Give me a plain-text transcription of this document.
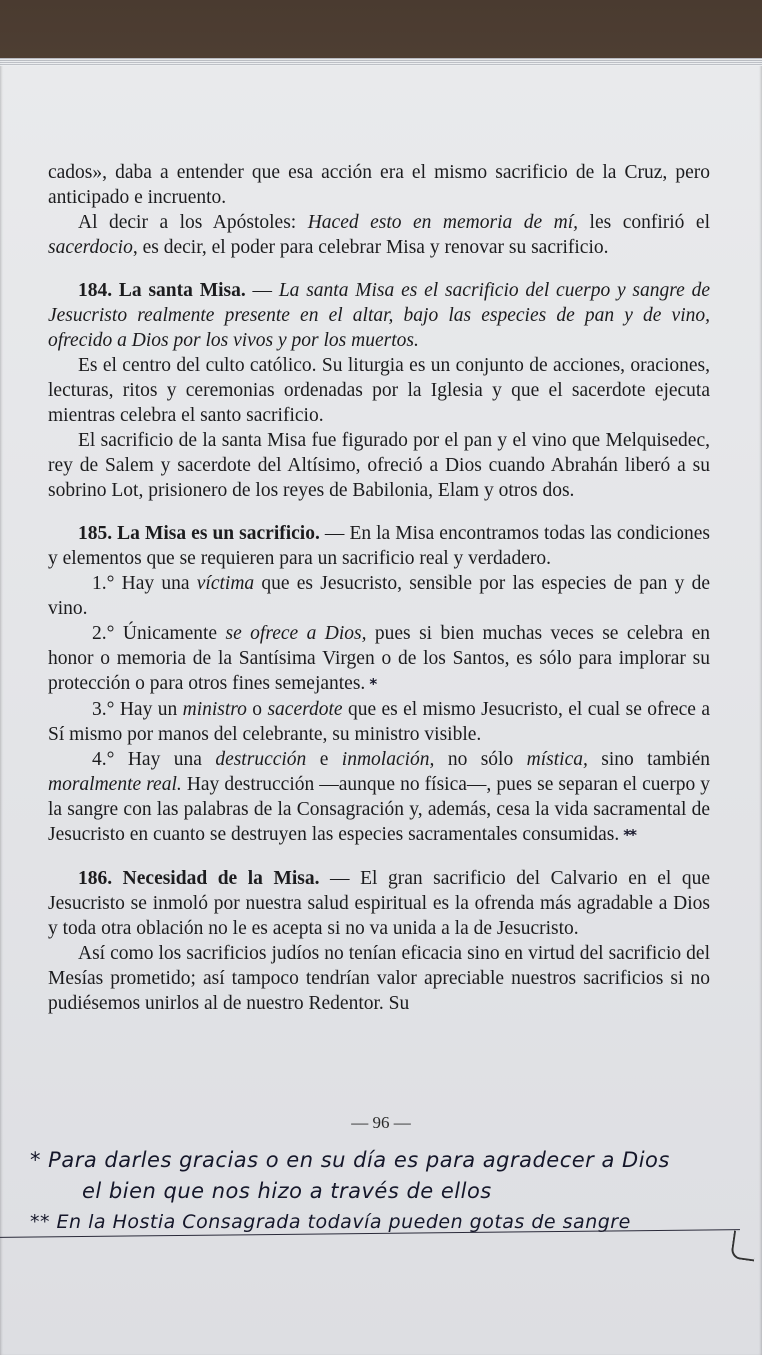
cados», daba a entender que esa acción era el mismo sacrificio de la Cruz, pero anticipado e incruento.

Al decir a los Apóstoles: Haced esto en memoria de mí, les confirió el sacerdocio, es decir, el poder para celebrar Misa y renovar su sacrificio.

184. La santa Misa. — La santa Misa es el sacrificio del cuerpo y sangre de Jesucristo realmente presente en el altar, bajo las especies de pan y de vino, ofrecido a Dios por los vivos y por los muertos.

Es el centro del culto católico. Su liturgia es un conjunto de acciones, oraciones, lecturas, ritos y ceremonias ordenadas por la Iglesia y que el sacerdote ejecuta mientras celebra el santo sacrificio.

El sacrificio de la santa Misa fue figurado por el pan y el vino que Melquisedec, rey de Salem y sacerdote del Altísimo, ofreció a Dios cuando Abrahán liberó a su sobrino Lot, prisionero de los reyes de Babilonia, Elam y otros dos.

185. La Misa es un sacrificio. — En la Misa encontramos todas las condiciones y elementos que se requieren para un sacrificio real y verdadero.

1.° Hay una víctima que es Jesucristo, sensible por las especies de pan y de vino.

2.° Únicamente se ofrece a Dios, pues si bien muchas veces se celebra en honor o memoria de la Santísima Virgen o de los Santos, es sólo para implorar su protección o para otros fines semejantes. *

3.° Hay un ministro o sacerdote que es el mismo Jesucristo, el cual se ofrece a Sí mismo por manos del celebrante, su ministro visible.

4.° Hay una destrucción e inmolación, no sólo mística, sino también moralmente real. Hay destrucción —aunque no física—, pues se separan el cuerpo y la sangre con las palabras de la Consagración y, además, cesa la vida sacramental de Jesucristo en cuanto se destruyen las especies sacramentales consumidas. **

186. Necesidad de la Misa. — El gran sacrificio del Calvario en el que Jesucristo se inmoló por nuestra salud espiritual es la ofrenda más agradable a Dios y toda otra oblación no le es acepta si no va unida a la de Jesucristo.

Así como los sacrificios judíos no tenían eficacia sino en virtud del sacrificio del Mesías prometido; así tampoco tendrían valor apreciable nuestros sacrificios si no pudiésemos unirlos al de nuestro Redentor. Su

— 96 —
* Para darles gracias o en su día es para agradecer a Dios
el bien que nos hizo a través de ellos
** En la Hostia Consagrada todavía pueden gotas de sangre
